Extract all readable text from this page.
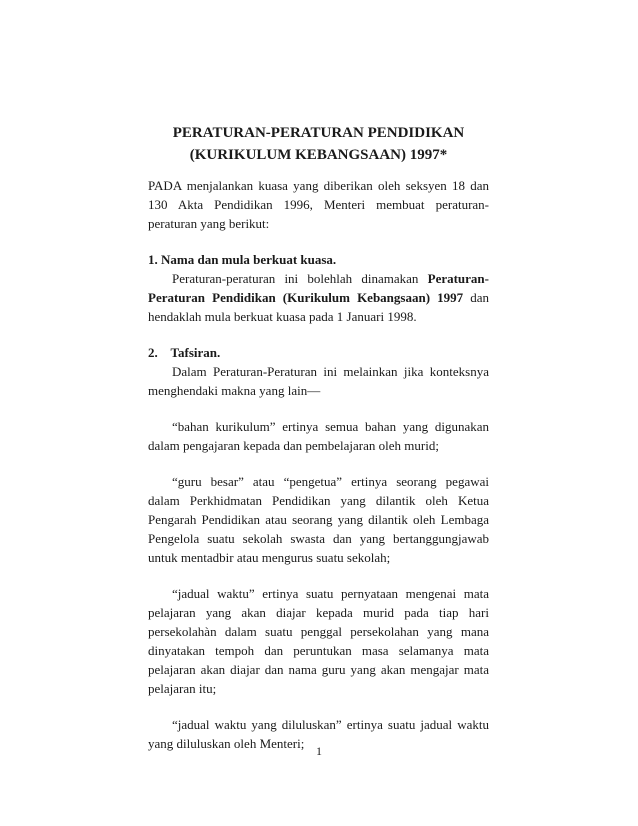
PERATURAN-PERATURAN PENDIDIKAN
(KURIKULUM KEBANGSAAN) 1997*

PADA menjalankan kuasa yang diberikan oleh seksyen 18 dan 130 Akta Pendidikan 1996, Menteri membuat peraturan-peraturan yang berikut:

1. Nama dan mula berkuat kuasa.

Peraturan-peraturan ini bolehlah dinamakan Peraturan-Peraturan Pendidikan (Kurikulum Kebangsaan) 1997 dan hendaklah mula berkuat kuasa pada 1 Januari 1998.

2.    Tafsiran.

Dalam Peraturan-Peraturan ini melainkan jika konteksnya menghendaki makna yang lain—

“bahan kurikulum” ertinya semua bahan yang digunakan dalam pengajaran kepada dan pembelajaran oleh murid;

“guru besar” atau “pengetua” ertinya seorang pegawai dalam Perkhidmatan Pendidikan yang dilantik oleh Ketua Pengarah Pendidikan atau seorang yang dilantik oleh Lembaga Pengelola suatu sekolah swasta dan yang bertanggungjawab untuk mentadbir atau mengurus suatu sekolah;

“jadual waktu” ertinya suatu pernyataan mengenai mata pelajaran yang akan diajar kepada murid pada tiap hari persekolahàn dalam suatu penggal persekolahan yang mana dinyatakan tempoh dan peruntukan masa selamanya mata pelajaran akan diajar dan nama guru yang akan mengajar mata pelajaran itu;

“jadual waktu yang diluluskan” ertinya suatu jadual waktu yang diluluskan oleh Menteri; 1
